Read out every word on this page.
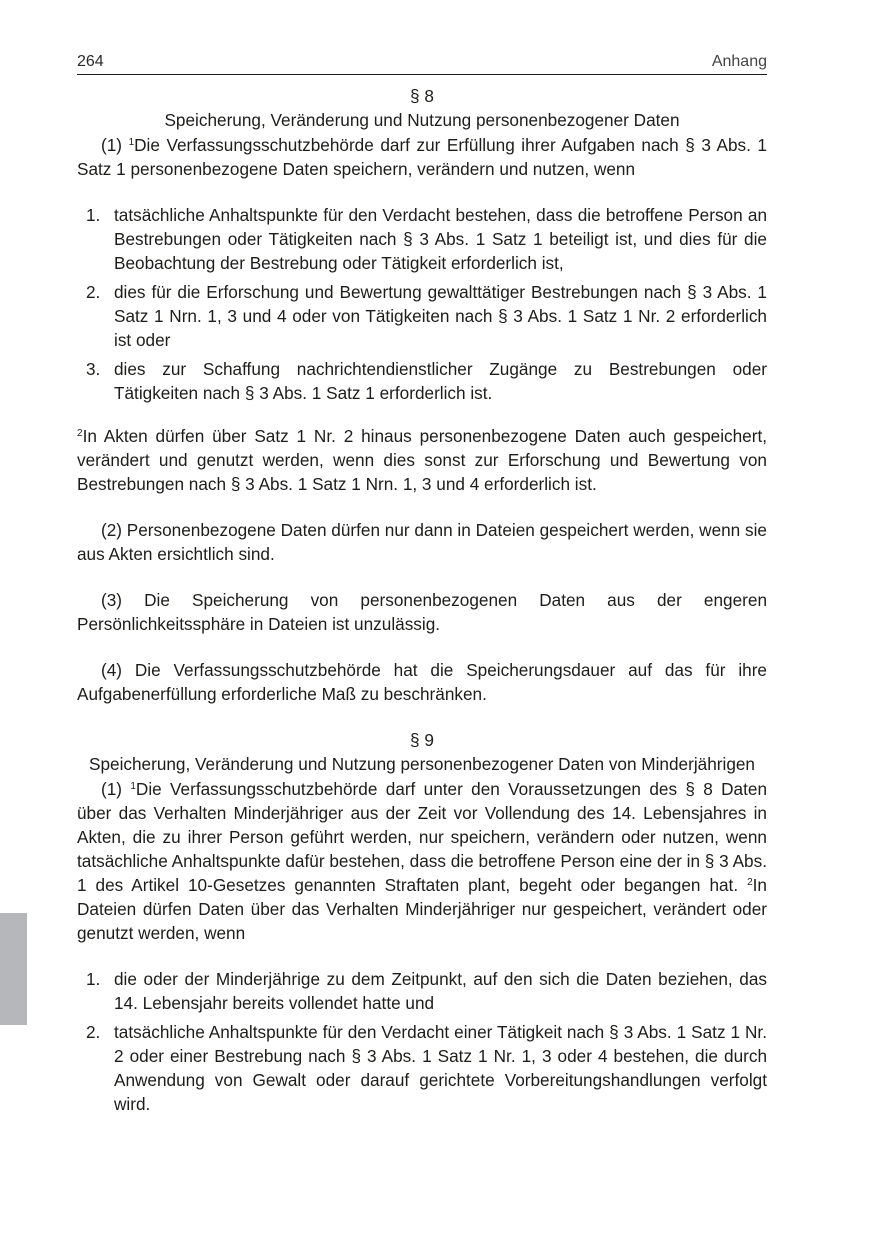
264	Anhang
§ 8
Speicherung, Veränderung und Nutzung personenbezogener Daten

(1) $^1$Die Verfassungsschutzbehörde darf zur Erfüllung ihrer Aufgaben nach § 3 Abs. 1 Satz 1 personenbezogene Daten speichern, verändern und nutzen, wenn

1. tatsächliche Anhaltspunkte für den Verdacht bestehen, dass die betroffene Person an Bestrebungen oder Tätigkeiten nach § 3 Abs. 1 Satz 1 beteiligt ist, und dies für die Beobachtung der Bestrebung oder Tätigkeit erforderlich ist,
2. dies für die Erforschung und Bewertung gewalttätiger Bestrebungen nach § 3 Abs. 1 Satz 1 Nrn. 1, 3 und 4 oder von Tätigkeiten nach § 3 Abs. 1 Satz 1 Nr. 2 erforderlich ist oder
3. dies zur Schaffung nachrichtendienstlicher Zugänge zu Bestrebungen oder Tätigkeiten nach § 3 Abs. 1 Satz 1 erforderlich ist.

$^2$In Akten dürfen über Satz 1 Nr. 2 hinaus personenbezogene Daten auch gespeichert, verändert und genutzt werden, wenn dies sonst zur Erforschung und Bewertung von Bestrebungen nach § 3 Abs. 1 Satz 1 Nrn. 1, 3 und 4 erforderlich ist.

(2) Personenbezogene Daten dürfen nur dann in Dateien gespeichert werden, wenn sie aus Akten ersichtlich sind.

(3) Die Speicherung von personenbezogenen Daten aus der engeren Persönlichkeitssphäre in Dateien ist unzulässig.

(4) Die Verfassungsschutzbehörde hat die Speicherungsdauer auf das für ihre Aufgabenerfüllung erforderliche Maß zu beschränken.

§ 9
Speicherung, Veränderung und Nutzung personenbezogener Daten von Minderjährigen

(1) $^1$Die Verfassungsschutzbehörde darf unter den Voraussetzungen des § 8 Daten über das Verhalten Minderjähriger aus der Zeit vor Vollendung des 14. Lebensjahres in Akten, die zu ihrer Person geführt werden, nur speichern, verändern oder nutzen, wenn tatsächliche Anhaltspunkte dafür bestehen, dass die betroffene Person eine der in § 3 Abs. 1 des Artikel 10-Gesetzes genannten Straftaten plant, begeht oder begangen hat. $^2$In Dateien dürfen Daten über das Verhalten Minderjähriger nur gespeichert, verändert oder genutzt werden, wenn

1. die oder der Minderjährige zu dem Zeitpunkt, auf den sich die Daten beziehen, das 14. Lebensjahr bereits vollendet hatte und
2. tatsächliche Anhaltspunkte für den Verdacht einer Tätigkeit nach § 3 Abs. 1 Satz 1 Nr. 2 oder einer Bestrebung nach § 3 Abs. 1 Satz 1 Nr. 1, 3 oder 4 bestehen, die durch Anwendung von Gewalt oder darauf gerichtete Vorbereitungshandlungen verfolgt wird.
